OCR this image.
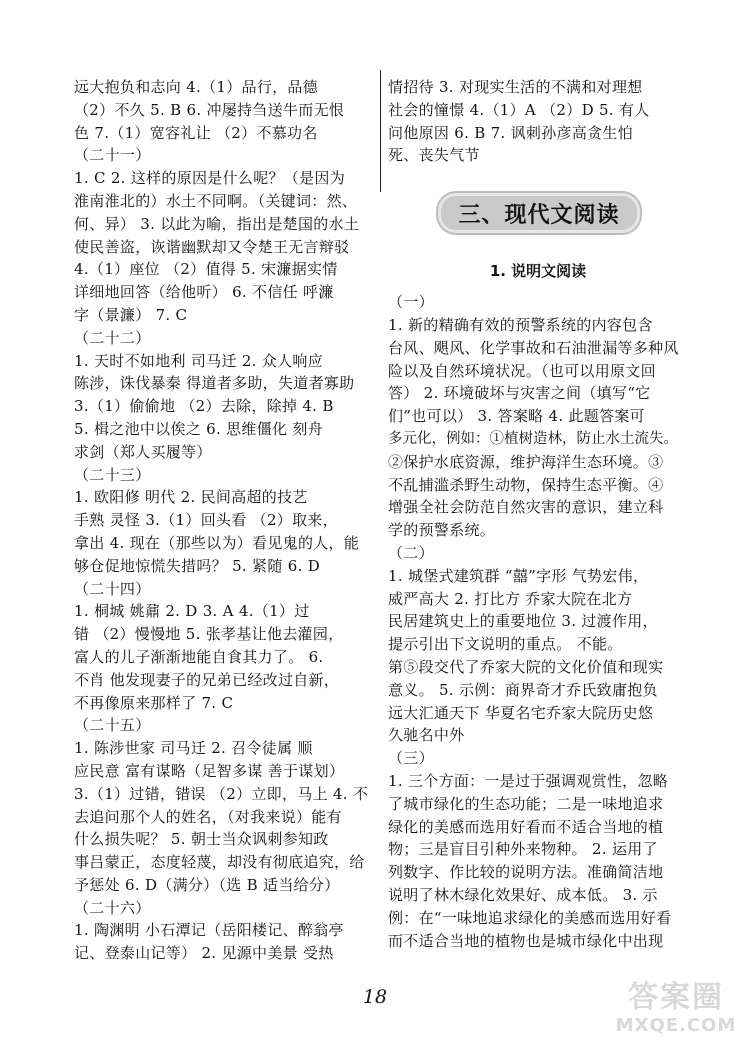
远大抱负和志向 4.（1）品行，品德
（2）不久 5. B 6. 冲屡持刍送牛而无恨
色 7.（1）宽容礼让 （2）不慕功名
（二十一）
1. C 2. 这样的原因是什么呢？（是因为
淮南淮北的）水土不同啊。（关键词：然、
何、异） 3. 以此为喻，指出是楚国的水土
使民善盗，诙谐幽默却又令楚王无言辩驳
4.（1）座位 （2）值得 5. 宋濂据实情
详细地回答（给他听） 6. 不信任 呼濂
字（景濂） 7. C
（二十二）
1. 天时不如地利 司马迁 2. 众人响应
陈涉，诛伐暴秦 得道者多助，失道者寡助
3.（1）偷偷地 （2）去除，除掉 4. B
5. 楫之池中以俟之 6. 思维僵化 刻舟
求剑（郑人买履等）
（二十三）
1. 欧阳修 明代 2. 民间高超的技艺
手熟 灵怪 3.（1）回头看 （2）取来，
拿出 4. 现在（那些以为）看见鬼的人，能
够仓促地惊慌失措吗？ 5. 紧随 6. D
（二十四）
1. 桐城 姚鼐 2. D 3. A 4.（1）过
错 （2）慢慢地 5. 张孝基让他去灌园，
富人的儿子渐渐地能自食其力了。 6.
不肖 他发现妻子的兄弟已经改过自新，
不再像原来那样了 7. C
（二十五）
1. 陈涉世家 司马迁 2. 召令徒属 顺
应民意 富有谋略（足智多谋 善于谋划）
3.（1）过错，错误 （2）立即，马上 4. 不
去追问那个人的姓名，（对我来说）能有
什么损失呢？ 5. 朝士当众讽刺参知政
事吕蒙正，态度轻蔑，却没有彻底追究，给
予惩处 6. D（满分）（选 B 适当给分）
（二十六）
1. 陶渊明 小石潭记（岳阳楼记、醉翁亭
记、登泰山记等） 2. 见源中美景 受热
情招待 3. 对现实生活的不满和对理想
社会的憧憬 4.（1）A （2）D 5. 有人
问他原因 6. B 7. 讽刺孙彦高贪生怕
死、丧失气节
三、现代文阅读
1. 说明文阅读
（一）
1. 新的精确有效的预警系统的内容包含
台风、飓风、化学事故和石油泄漏等多种风
险以及自然环境状况。（也可以用原文回
答） 2. 环境破坏与灾害之间（填写“它
们”也可以） 3. 答案略 4. 此题答案可
多元化，例如：①植树造林，防止水土流失。
②保护水底资源，维护海洋生态环境。③
不乱捕滥杀野生动物，保持生态平衡。④
增强全社会防范自然灾害的意识，建立科
学的预警系统。
（二）
1. 城堡式建筑群 “囍”字形 气势宏伟，
威严高大 2. 打比方 乔家大院在北方
民居建筑史上的重要地位 3. 过渡作用，
提示引出下文说明的重点。 不能。
第⑤段交代了乔家大院的文化价值和现实
意义。 5. 示例：商界奇才乔氏致庸抱负
远大汇通天下 华夏名宅乔家大院历史悠
久驰名中外
（三）
1. 三个方面：一是过于强调观赏性，忽略
了城市绿化的生态功能；二是一味地追求
绿化的美感而选用好看而不适合当地的植
物；三是盲目引种外来物种。 2. 运用了
列数字、作比较的说明方法。准确简洁地
说明了林木绿化效果好、成本低。 3. 示
例：在“一味地追求绿化的美感而选用好看
而不适合当地的植物也是城市绿化中出现
18	答案圈
MXQE.COM
